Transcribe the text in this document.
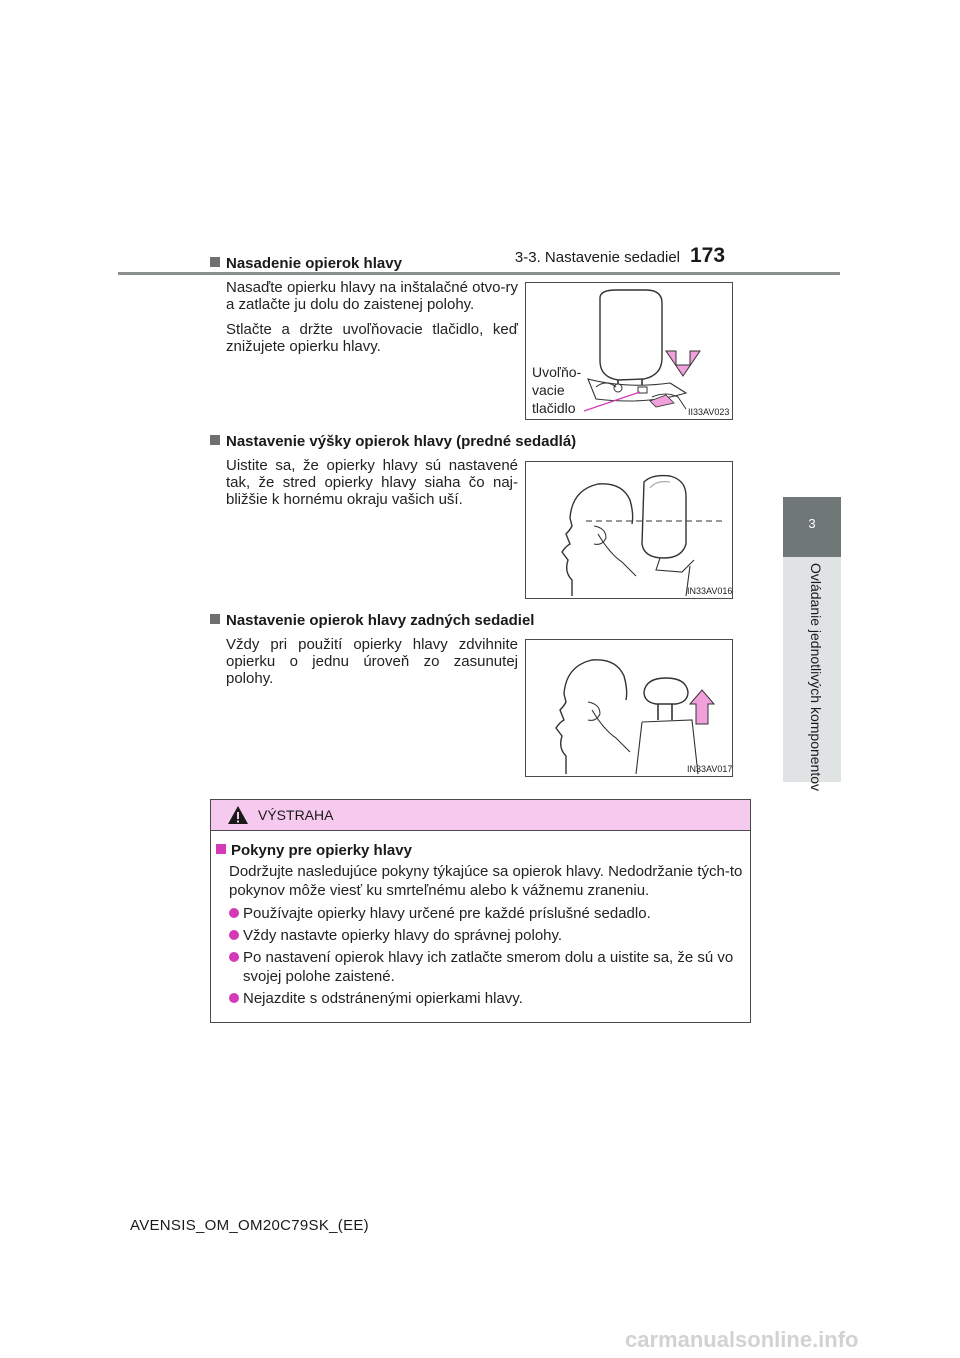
3-3. Nastavenie sedadiel 173
3
Ovládanie jednotlivých komponentov
Nasadenie opierok hlavy
Nasaďte opierku hlavy na inštalačné otvo-ry a zatlačte ju dolu do zaistenej polohy.
Stlačte a držte uvoľňovacie tlačidlo, keď znižujete opierku hlavy.
Uvoľňo-
vacie
tlačidlo	II33AV023
Nastavenie výšky opierok hlavy (predné sedadlá)
Uistite sa, že opierky hlavy sú nastavené tak, že stred opierky hlavy siaha čo naj-bližšie k hornému okraju vašich uší.
IN33AV016
Nastavenie opierok hlavy zadných sedadiel
Vždy pri použití opierky hlavy zdvihnite opierku o jednu úroveň zo zasunutej polohy.
IN33AV017
VÝSTRAHA
Pokyny pre opierky hlavy
Dodržujte nasledujúce pokyny týkajúce sa opierok hlavy. Nedodržanie tých-to pokynov môže viesť ku smrteľnému alebo k vážnemu zraneniu.
Používajte opierky hlavy určené pre každé príslušné sedadlo.
Vždy nastavte opierky hlavy do správnej polohy.
Po nastavení opierok hlavy ich zatlačte smerom dolu a uistite sa, že sú vo svojej polohe zaistené.
Nejazdite s odstránenými opierkami hlavy.
AVENSIS_OM_OM20C79SK_(EE)
carmanualsonline.info
